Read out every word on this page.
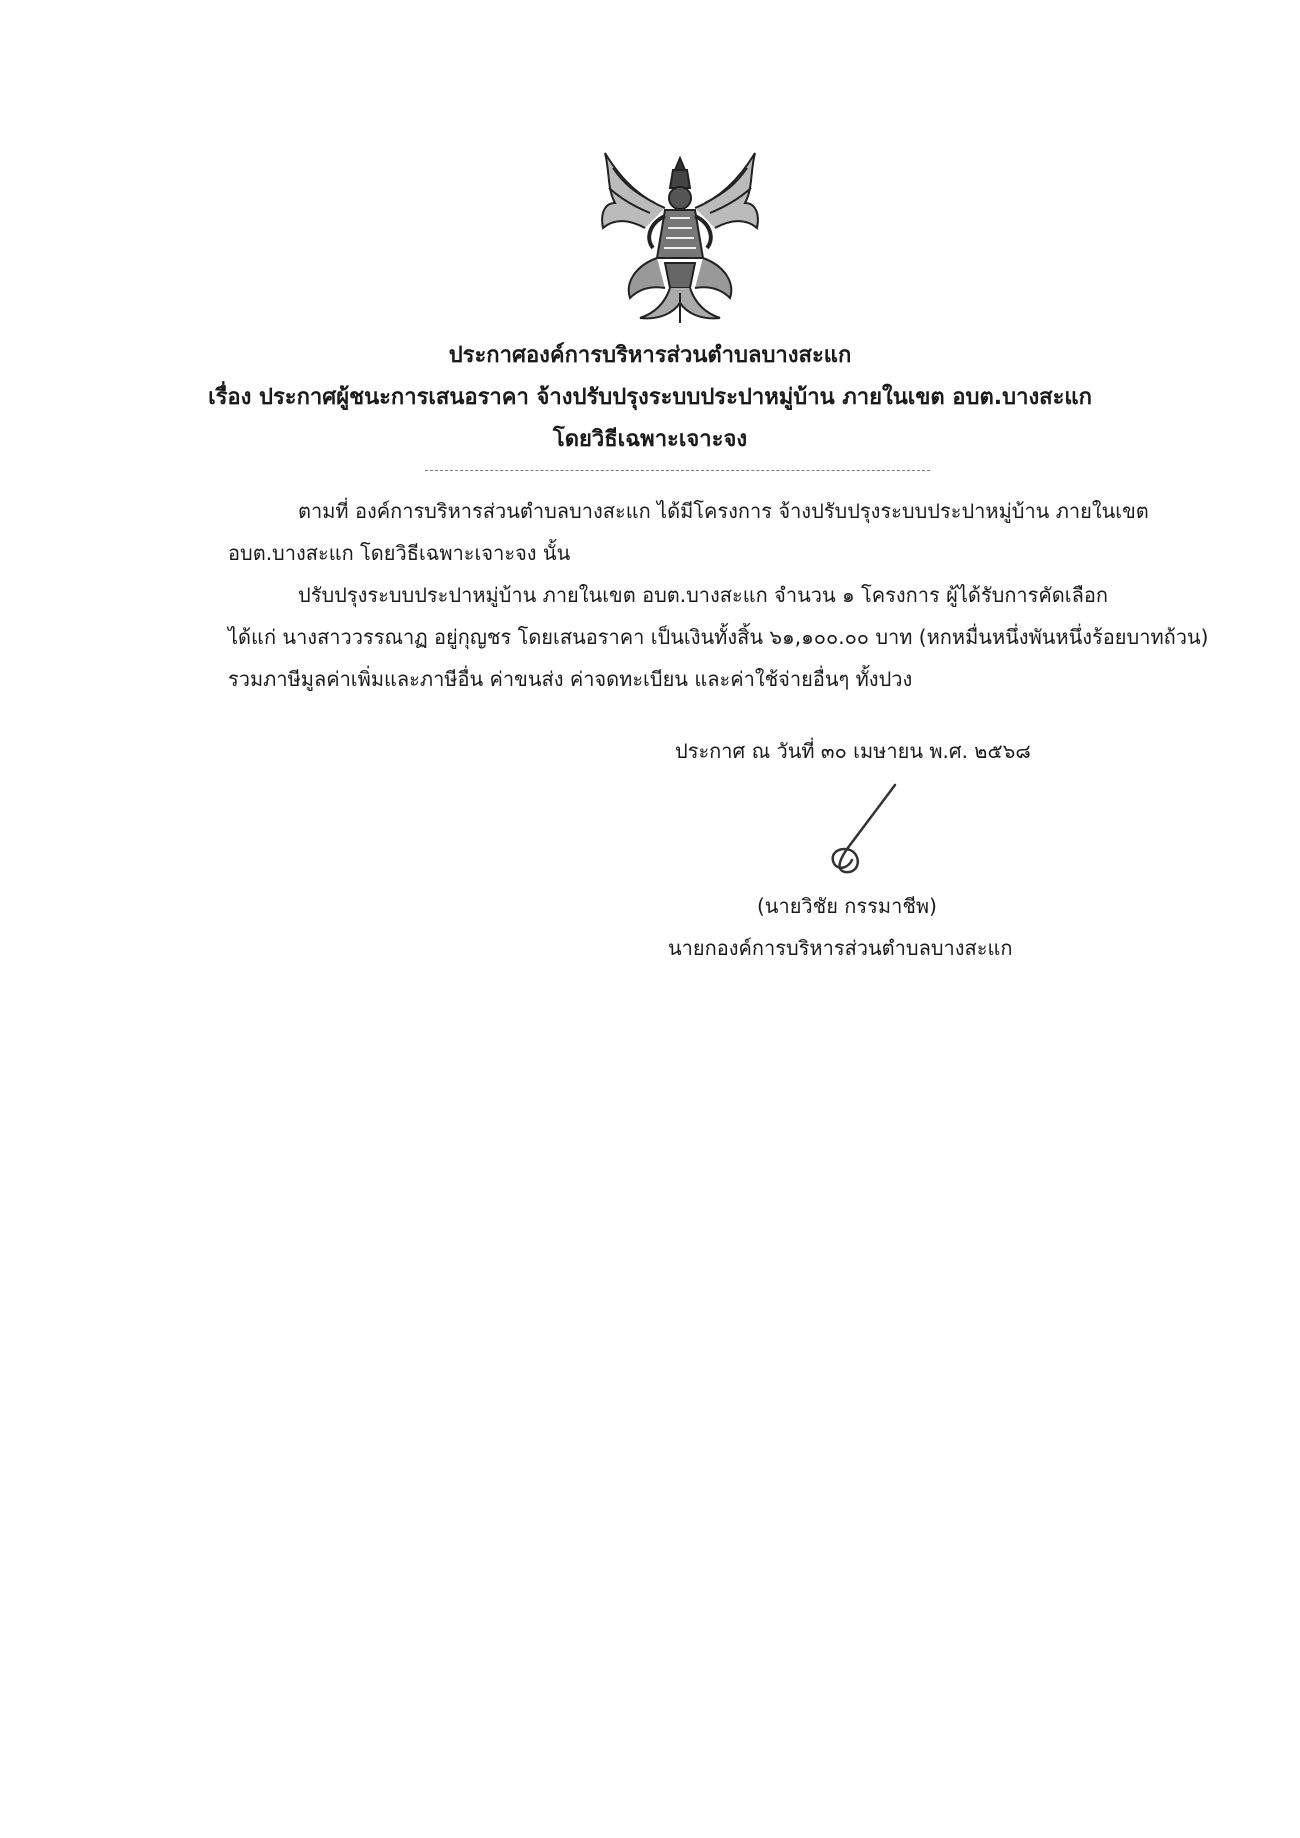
ประกาศองค์การบริหารส่วนตำบลบางสะแก
เรื่อง ประกาศผู้ชนะการเสนอราคา จ้างปรับปรุงระบบประปาหมู่บ้าน ภายในเขต อบต.บางสะแก
โดยวิธีเฉพาะเจาะจง
ตามที่ องค์การบริหารส่วนตำบลบางสะแก ได้มีโครงการ จ้างปรับปรุงระบบประปาหมู่บ้าน ภายในเขต
อบต.บางสะแก โดยวิธีเฉพาะเจาะจง นั้น
ปรับปรุงระบบประปาหมู่บ้าน ภายในเขต อบต.บางสะแก จำนวน ๑ โครงการ ผู้ได้รับการคัดเลือก
ได้แก่ นางสาววรรณาฏ อยู่กุญชร โดยเสนอราคา เป็นเงินทั้งสิ้น ๖๑,๑๐๐.๐๐ บาท (หกหมื่นหนึ่งพันหนึ่งร้อยบาทถ้วน)
รวมภาษีมูลค่าเพิ่มและภาษีอื่น ค่าขนส่ง ค่าจดทะเบียน และค่าใช้จ่ายอื่นๆ ทั้งปวง
ประกาศ ณ วันที่ ๓๐ เมษายน พ.ศ. ๒๕๖๘
(นายวิชัย กรรมาชีพ)
นายกองค์การบริหารส่วนตำบลบางสะแก
